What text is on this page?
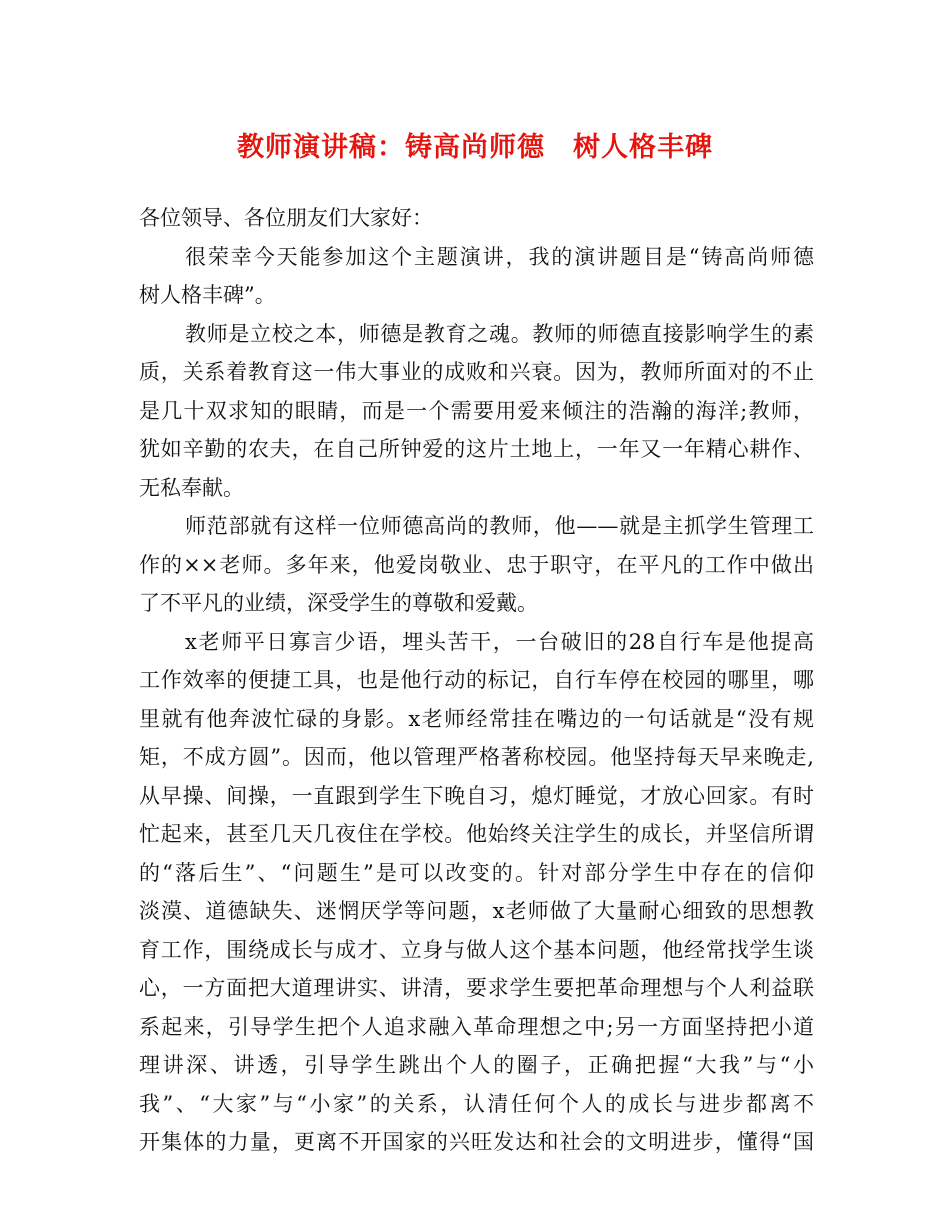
教师演讲稿：铸高尚师德　树人格丰碑
各位领导、各位朋友们大家好：
很荣幸今天能参加这个主题演讲，我的演讲题目是“铸高尚师德
树人格丰碑”。
教师是立校之本，师德是教育之魂。教师的师德直接影响学生的素
质，关系着教育这一伟大事业的成败和兴衰。因为，教师所面对的不止
是几十双求知的眼睛，而是一个需要用爱来倾注的浩瀚的海洋;教师，
犹如辛勤的农夫，在自己所钟爱的这片土地上，一年又一年精心耕作、
无私奉献。
师范部就有这样一位师德高尚的教师，他——就是主抓学生管理工
作的××老师。多年来，他爱岗敬业、忠于职守，在平凡的工作中做出
了不平凡的业绩，深受学生的尊敬和爱戴。
x老师平日寡言少语，埋头苦干，一台破旧的28自行车是他提高
工作效率的便捷工具，也是他行动的标记，自行车停在校园的哪里，哪
里就有他奔波忙碌的身影。x老师经常挂在嘴边的一句话就是“没有规
矩，不成方圆”。因而，他以管理严格著称校园。他坚持每天早来晚走,
从早操、间操，一直跟到学生下晚自习，熄灯睡觉，才放心回家。有时
忙起来，甚至几天几夜住在学校。他始终关注学生的成长，并坚信所谓
的“落后生”、“问题生”是可以改变的。针对部分学生中存在的信仰
淡漠、道德缺失、迷惘厌学等问题，x老师做了大量耐心细致的思想教
育工作，围绕成长与成才、立身与做人这个基本问题，他经常找学生谈
心，一方面把大道理讲实、讲清，要求学生要把革命理想与个人利益联
系起来，引导学生把个人追求融入革命理想之中;另一方面坚持把小道
理讲深、讲透，引导学生跳出个人的圈子，正确把握“大我”与“小
我”、“大家”与“小家”的关系，认清任何个人的成长与进步都离不
开集体的力量，更离不开国家的兴旺发达和社会的文明进步，懂得“国
